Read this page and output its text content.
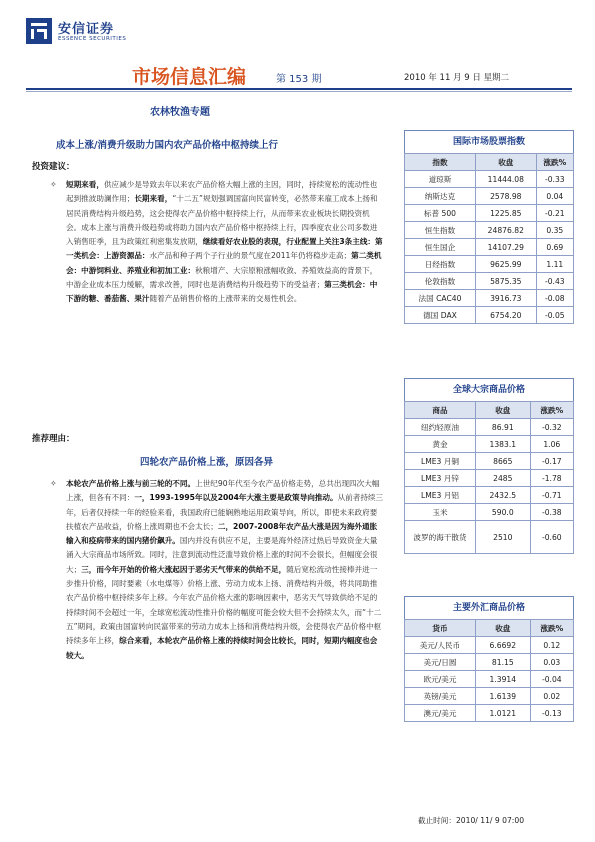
安信证券
ESSENCE SECURITIES
市场信息汇编	第 153 期	2010 年 11 月 9 日 星期二
农林牧渔专题
成本上涨/消费升级助力国内农产品价格中枢持续上行
投资建议：
✧ 短期来看，供应减少是导致去年以来农产品价格大幅上涨的主因，同时，持续宽松的流动性也起到推波助澜作用；长期来看，“十二五”规划强调国富向民富转变，必然带来雇工成本上扬和居民消费结构升级趋势，这会使得农产品价格中枢持续上行，从而带来农业板块长期投资机会。成本上涨与消费升级趋势或将助力国内农产品价格中枢持续上行，四季度农业公司多数进入销售旺季，且为政策红利密集发放期，继续看好农业股的表现，行业配置上关注3条主线：第一类机会：上游资源品：水产品和种子两个子行业的景气度在2011年仍将稳步走高；第二类机会：中游饲料业、养殖业和初加工业：秋粮增产、大宗原粮涨幅收敛、养殖效益高的背景下，中游企业成本压力缓解，需求改善，同时也是消费结构升级趋势下的受益者；第三类机会：中下游的糖、番茄酱、果汁随着产品销售价格的上涨带来的交易性机会。
推荐理由：
四轮农产品价格上涨，原因各异
✧ 本轮农产品价格上涨与前三轮的不同。上世纪90年代至今农产品价格走势，总共出现四次大幅上涨，但各有不同：一，1993-1995年以及2004年大涨主要是政策导向推动。从前者持续三年，后者仅持续一年的经验来看，我国政府已能娴熟地运用政策导向，所以，即使未来政府要扶植农产品收益，价格上涨周期也不会太长；二，2007-2008年农产品大涨是因为海外通胀输入和疫病带来的国内猪价飙升。国内并没有供应不足，主要是海外经济过热后导致资金大量涌入大宗商品市场所致。同时，注意到流动性泛滥导致价格上涨的时间不会很长，但幅度会很大；三，而今年开始的价格大涨起因于恶劣天气带来的供给不足，随后宽松流动性接棒并进一步推升价格，同时要素（水电煤等）价格上涨、劳动力成本上扬、消费结构升级，将共同助推农产品价格中枢持续多年上移。今年农产品价格大涨的影响因素中，恶劣天气导致供给不足的持续时间不会超过一年，全球宽松流动性推升价格的幅度可能会较大但不会持续太久，而“十二五”期间，政策由国富转向民富带来的劳动力成本上扬和消费结构升级，会使得农产品价格中枢持续多年上移，综合来看，本轮农产品价格上涨的持续时间会比较长，同时，短期内幅度也会较大。
国际市场股票指数
指数	收盘	涨跌%
道琼斯	11444.08	-0.33
纳斯达克	2578.98	0.04
标普 500	1225.85	-0.21
恒生指数	24876.82	0.35
恒生国企	14107.29	0.69
日经指数	9625.99	1.11
伦敦指数	5875.35	-0.43
法国 CAC40	3916.73	-0.08
德国 DAX	6754.20	-0.05
全球大宗商品价格
商品	收盘	涨跌%
纽约轻原油	86.91	-0.32
黄金	1383.1	1.06
LME3 月铜	8665	-0.17
LME3 月锌	2485	-1.78
LME3 月铝	2432.5	-0.71
玉米	590.0	-0.38
波罗的海干散货	2510	-0.60
主要外汇商品价格
货币	收盘	涨跌%
美元/人民币	6.6692	0.12
美元/日圆	81.15	0.03
欧元/美元	1.3914	-0.04
英镑/美元	1.6139	0.02
澳元/美元	1.0121	-0.13
截止时间：2010/ 11/ 9 07:00
